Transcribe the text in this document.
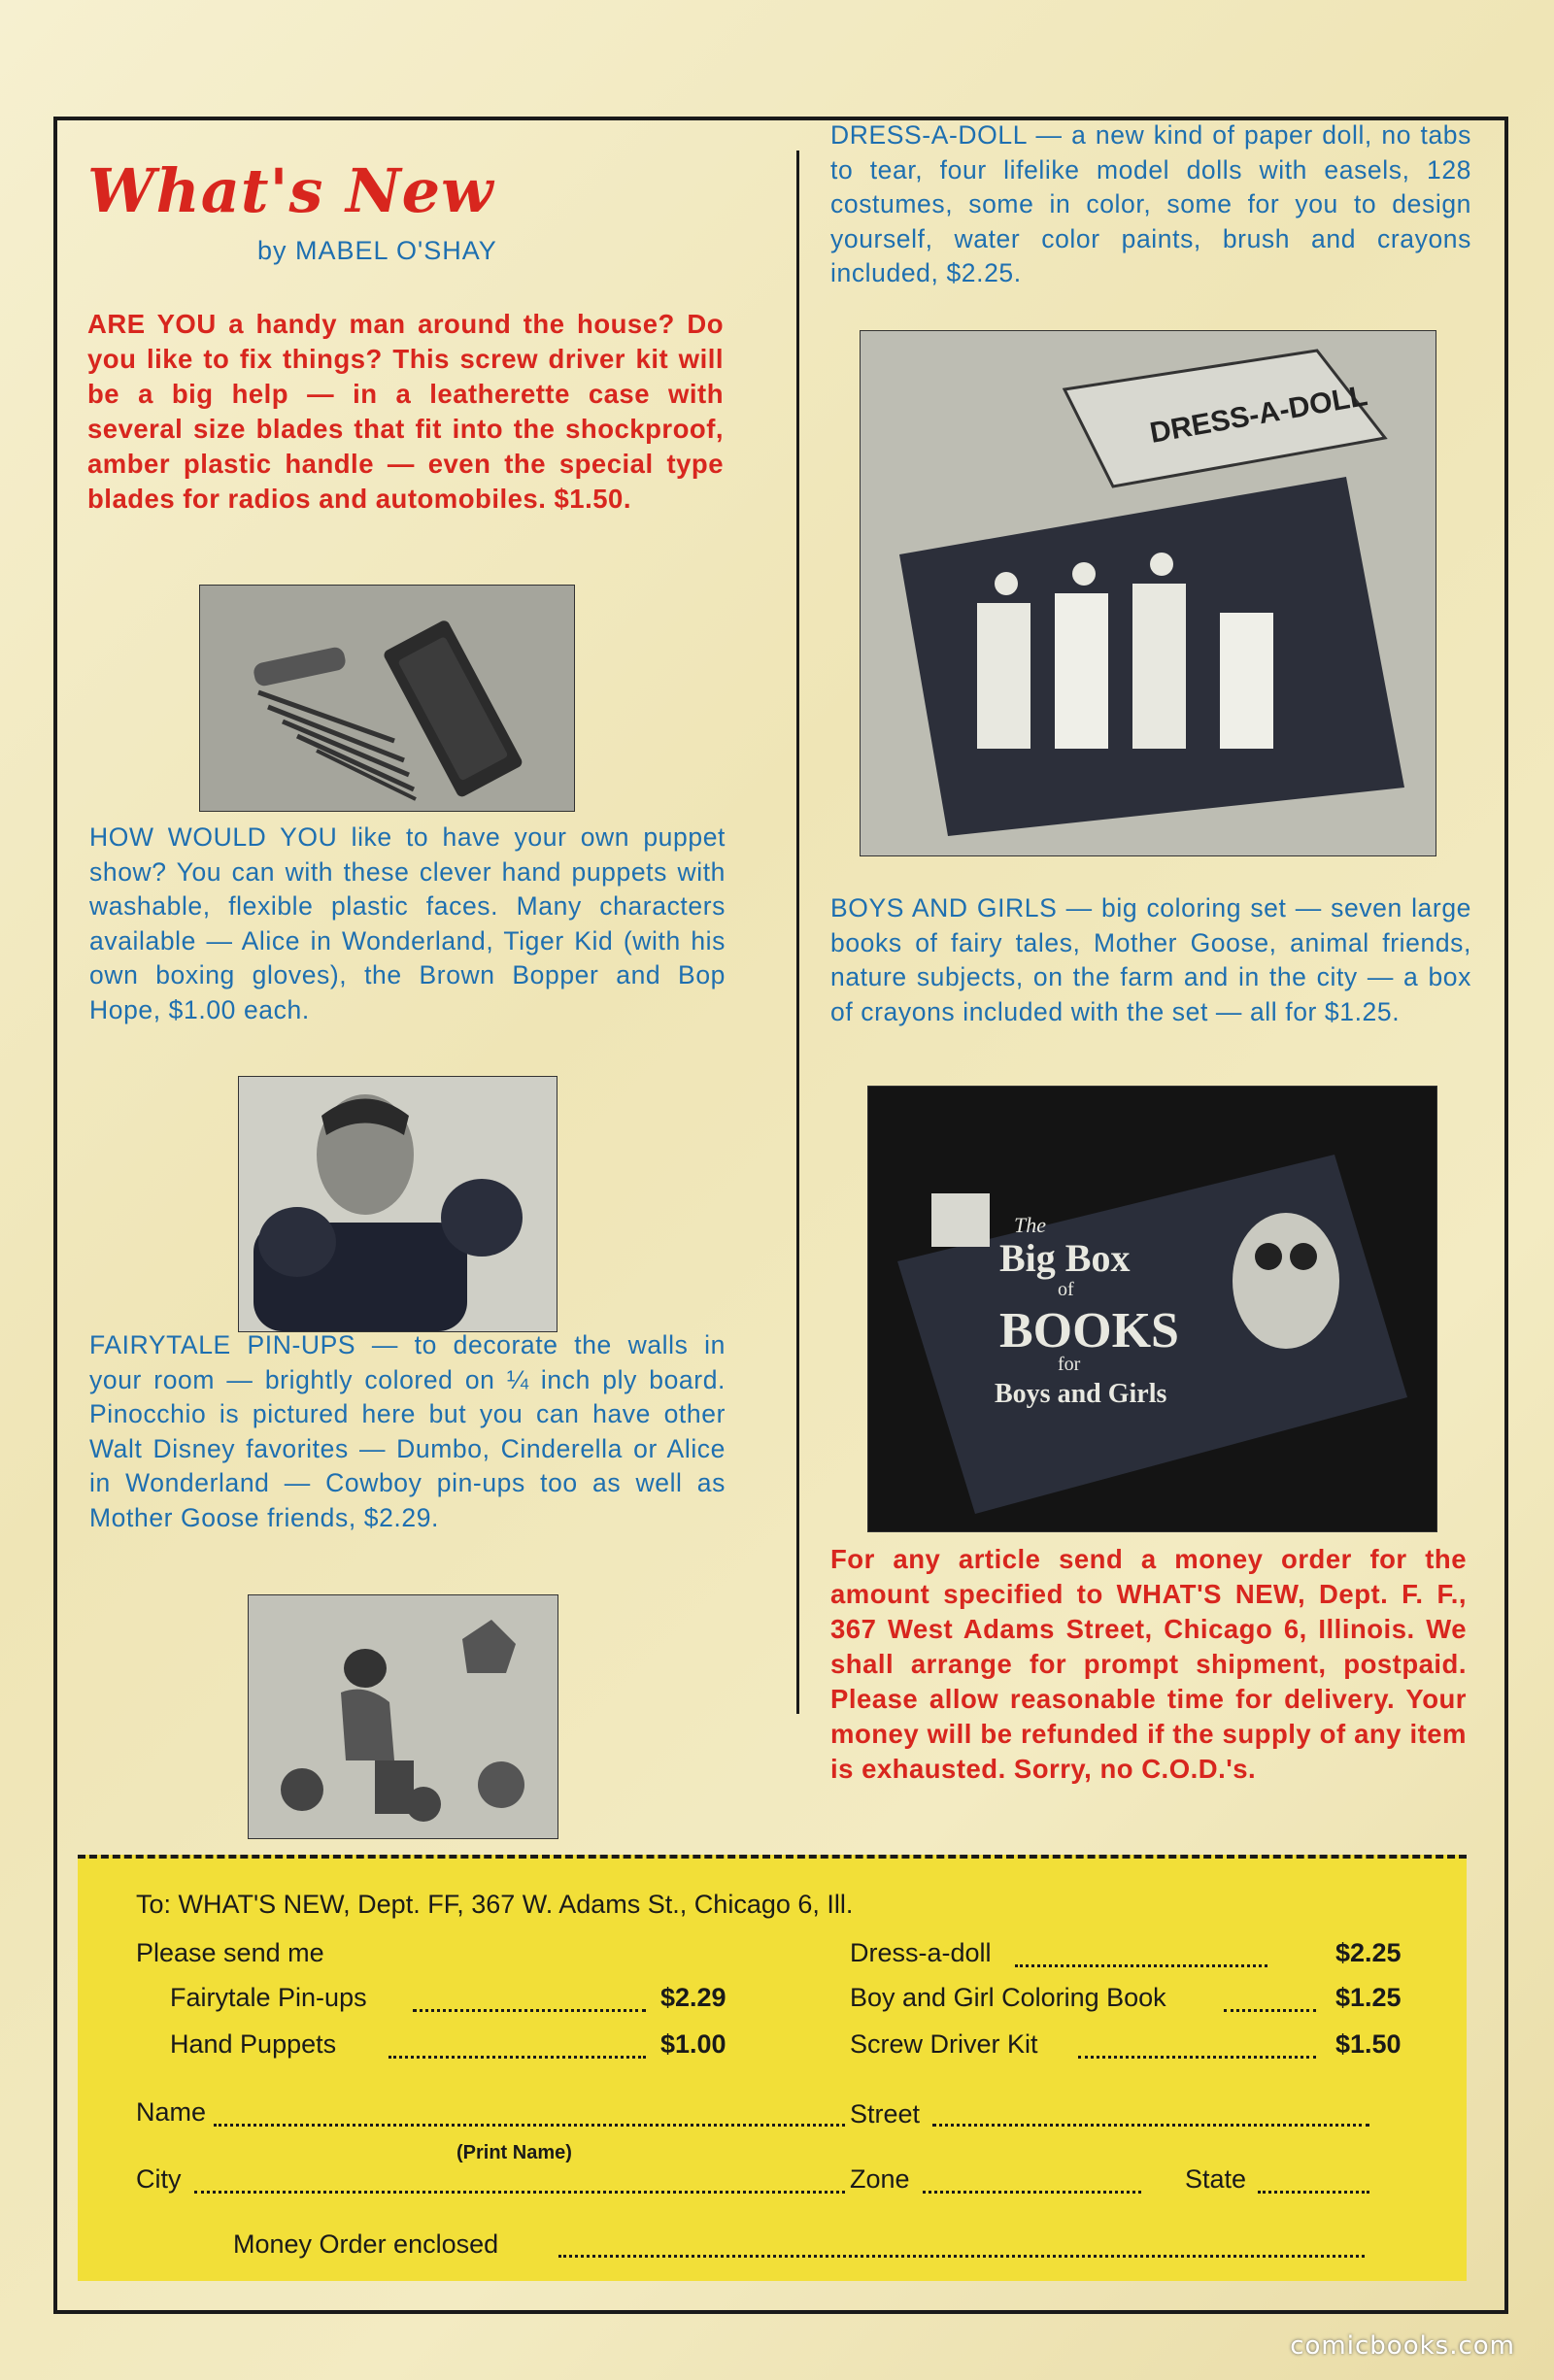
What's New
by MABEL O'SHAY
ARE YOU a handy man around the house? Do you like to fix things? This screw driver kit will be a big help — in a leatherette case with several size blades that fit into the shockproof, amber plastic handle — even the special type blades for radios and automobiles. $1.50.
HOW WOULD YOU like to have your own puppet show? You can with these clever hand puppets with washable, flexible plastic faces. Many characters available — Alice in Wonderland, Tiger Kid (with his own boxing gloves), the Brown Bopper and Bop Hope, $1.00 each.
FAIRYTALE PIN-UPS — to decorate the walls in your room — brightly colored on ¼ inch ply board. Pinocchio is pictured here but you can have other Walt Disney favorites — Dumbo, Cinderella or Alice in Wonderland — Cowboy pin-ups too as well as Mother Goose friends, $2.29.
DRESS-A-DOLL — a new kind of paper doll, no tabs to tear, four lifelike model dolls with easels, 128 costumes, some in color, some for you to design yourself, water color paints, brush and crayons included, $2.25.
DRESS-A-DOLL
BOYS AND GIRLS — big coloring set — seven large books of fairy tales, Mother Goose, animal friends, nature subjects, on the farm and in the city — a box of crayons included with the set — all for $1.25.
The
Big Box
of
BOOKS
for
Boys and Girls
For any article send a money order for the amount specified to WHAT'S NEW, Dept. F. F., 367 West Adams Street, Chicago 6, Illinois. We shall arrange for prompt shipment, postpaid. Please allow reasonable time for delivery. Your money will be refunded if the supply of any item is exhausted. Sorry, no C.O.D.'s.
To: WHAT'S NEW, Dept. FF, 367 W. Adams St., Chicago 6, Ill.
Please send me
Fairytale Pin-ups	$2.29
Hand Puppets	$1.00
Dress-a-doll	$2.25
Boy and Girl Coloring Book	$1.25
Screw Driver Kit	$1.50
Name
(Print Name)
Street
City	Zone	State
Money Order enclosed
comicbooks.com
